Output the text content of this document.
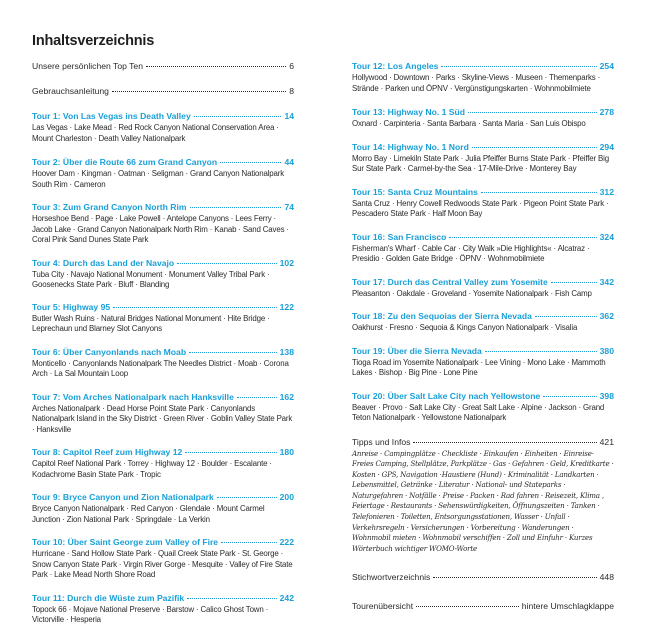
Inhaltsverzeichnis
Unsere persönlichen Top Ten	6
Gebrauchsanleitung	8
Tour 1: Von Las Vegas ins Death Valley	14
Las Vegas · Lake Mead · Red Rock Canyon National Conservation Area · Mount Charleston · Death Valley Nationalpark
Tour 2: Über die Route 66 zum Grand Canyon	44
Hoover Dam · Kingman · Oatman · Seligman · Grand Canyon Nationalpark South Rim · Cameron
Tour 3: Zum Grand Canyon North Rim	74
Horseshoe Bend · Page · Lake Powell · Antelope Canyons · Lees Ferry · Jacob Lake · Grand Canyon Nationalpark North Rim · Kanab · Sand Caves · Coral Pink Sand Dunes State Park
Tour 4: Durch das Land der Navajo	102
Tuba City · Navajo National Monument · Monument Valley Tribal Park · Goosenecks State Park · Bluff · Blanding
Tour 5: Highway 95	122
Butler Wash Ruins · Natural Bridges National Monument · Hite Bridge · Leprechaun und Blarney Slot Canyons
Tour 6: Über Canyonlands nach Moab	138
Monticello · Canyonlands Nationalpark The Needles District · Moab · Corona Arch · La Sal Mountain Loop
Tour 7: Vom Arches Nationalpark nach Hanksville	162
Arches Nationalpark · Dead Horse Point State Park · Canyonlands Nationalpark Island in the Sky District · Green River · Goblin Valley State Park · Hanksville
Tour 8: Capitol Reef zum Highway 12	180
Capitol Reef National Park · Torrey · Highway 12 · Boulder · Escalante · Kodachrome Basin State Park · Tropic
Tour 9: Bryce Canyon und Zion Nationalpark	200
Bryce Canyon Nationalpark · Red Canyon · Glendale · Mount Carmel Junction · Zion National Park · Springdale · La Verkin
Tour 10: Über Saint George zum Valley of Fire	222
Hurricane · Sand Hollow State Park · Quail Creek State Park · St. George · Snow Canyon State Park · Virgin River Gorge · Mesquite · Valley of Fire State Park · Lake Mead North Shore Road
Tour 11: Durch die Wüste zum Pazifik	242
Topock 66 · Mojave National Preserve · Barstow · Calico Ghost Town · Victorville · Hesperia
Tour 12: Los Angeles	254
Hollywood · Downtown · Parks · Skyline-Views · Museen · Themenparks · Strände · Parken und ÖPNV · Vergünstigungskarten · Wohnmobilmiete
Tour 13: Highway No. 1 Süd	278
Oxnard · Carpinteria · Santa Barbara · Santa Maria · San Luis Obispo
Tour 14: Highway No. 1 Nord	294
Morro Bay · Limekiln State Park · Julia Pfeiffer Burns State Park · Pfeiffer Big Sur State Park · Carmel-by-the Sea · 17-Mile-Drive · Monterey Bay
Tour 15: Santa Cruz Mountains	312
Santa Cruz · Henry Cowell Redwoods State Park · Pigeon Point State Park · Pescadero State Park · Half Moon Bay
Tour 16: San Francisco	324
Fisherman's Wharf · Cable Car · City Walk »Die Highlights« · Alcatraz · Presidio · Golden Gate Bridge · ÖPNV · Wohnmobilmiete
Tour 17: Durch das Central Valley zum Yosemite	342
Pleasanton · Oakdale · Groveland · Yosemite Nationalpark · Fish Camp
Tour 18: Zu den Sequoias der Sierra Nevada	362
Oakhurst · Fresno · Sequoia & Kings Canyon Nationalpark · Visalia
Tour 19: Über die Sierra Nevada	380
Tioga Road im Yosemite Nationalpark · Lee Vining · Mono Lake · Mammoth Lakes · Bishop · Big Pine · Lone Pine
Tour 20: Über Salt Lake City nach Yellowstone	398
Beaver · Provo · Salt Lake City · Great Salt Lake · Alpine · Jackson · Grand Teton Nationalpark · Yellowstone Nationalpark
Tipps und Infos	421
Anreise · Campingplätze · Checkliste · Einkaufen · Einheiten · Einreise· Freies Camping, Stellplätze, Parkplätze · Gas · Gefahren · Geld, Kreditkarte · Kosten · GPS, Navigation ·Haustiere (Hund) · Kriminalität · Landkarten · Lebensmittel, Getränke · Literatur · National- und Stateparks · Naturgefahren · Notfälle · Preise · Packen · Rad fahren · Reisezeit, Klima , Feiertage · Restaurants · Sehenswürdigkeiten, Öffnungszeiten · Tanken · Telefonieren · Toiletten, Entsorgungsstationen, Wasser · Unfall · Verkehrsregeln · Versicherungen · Vorbereitung · Wanderungen · Wohnmobil mieten · Wohnmobil verschiffen · Zoll und Einfuhr · Kurzes Wörterbuch wichtiger WOMO-Worte
Stichwortverzeichnis	448
Tourenübersicht	hintere Umschlagklappe
